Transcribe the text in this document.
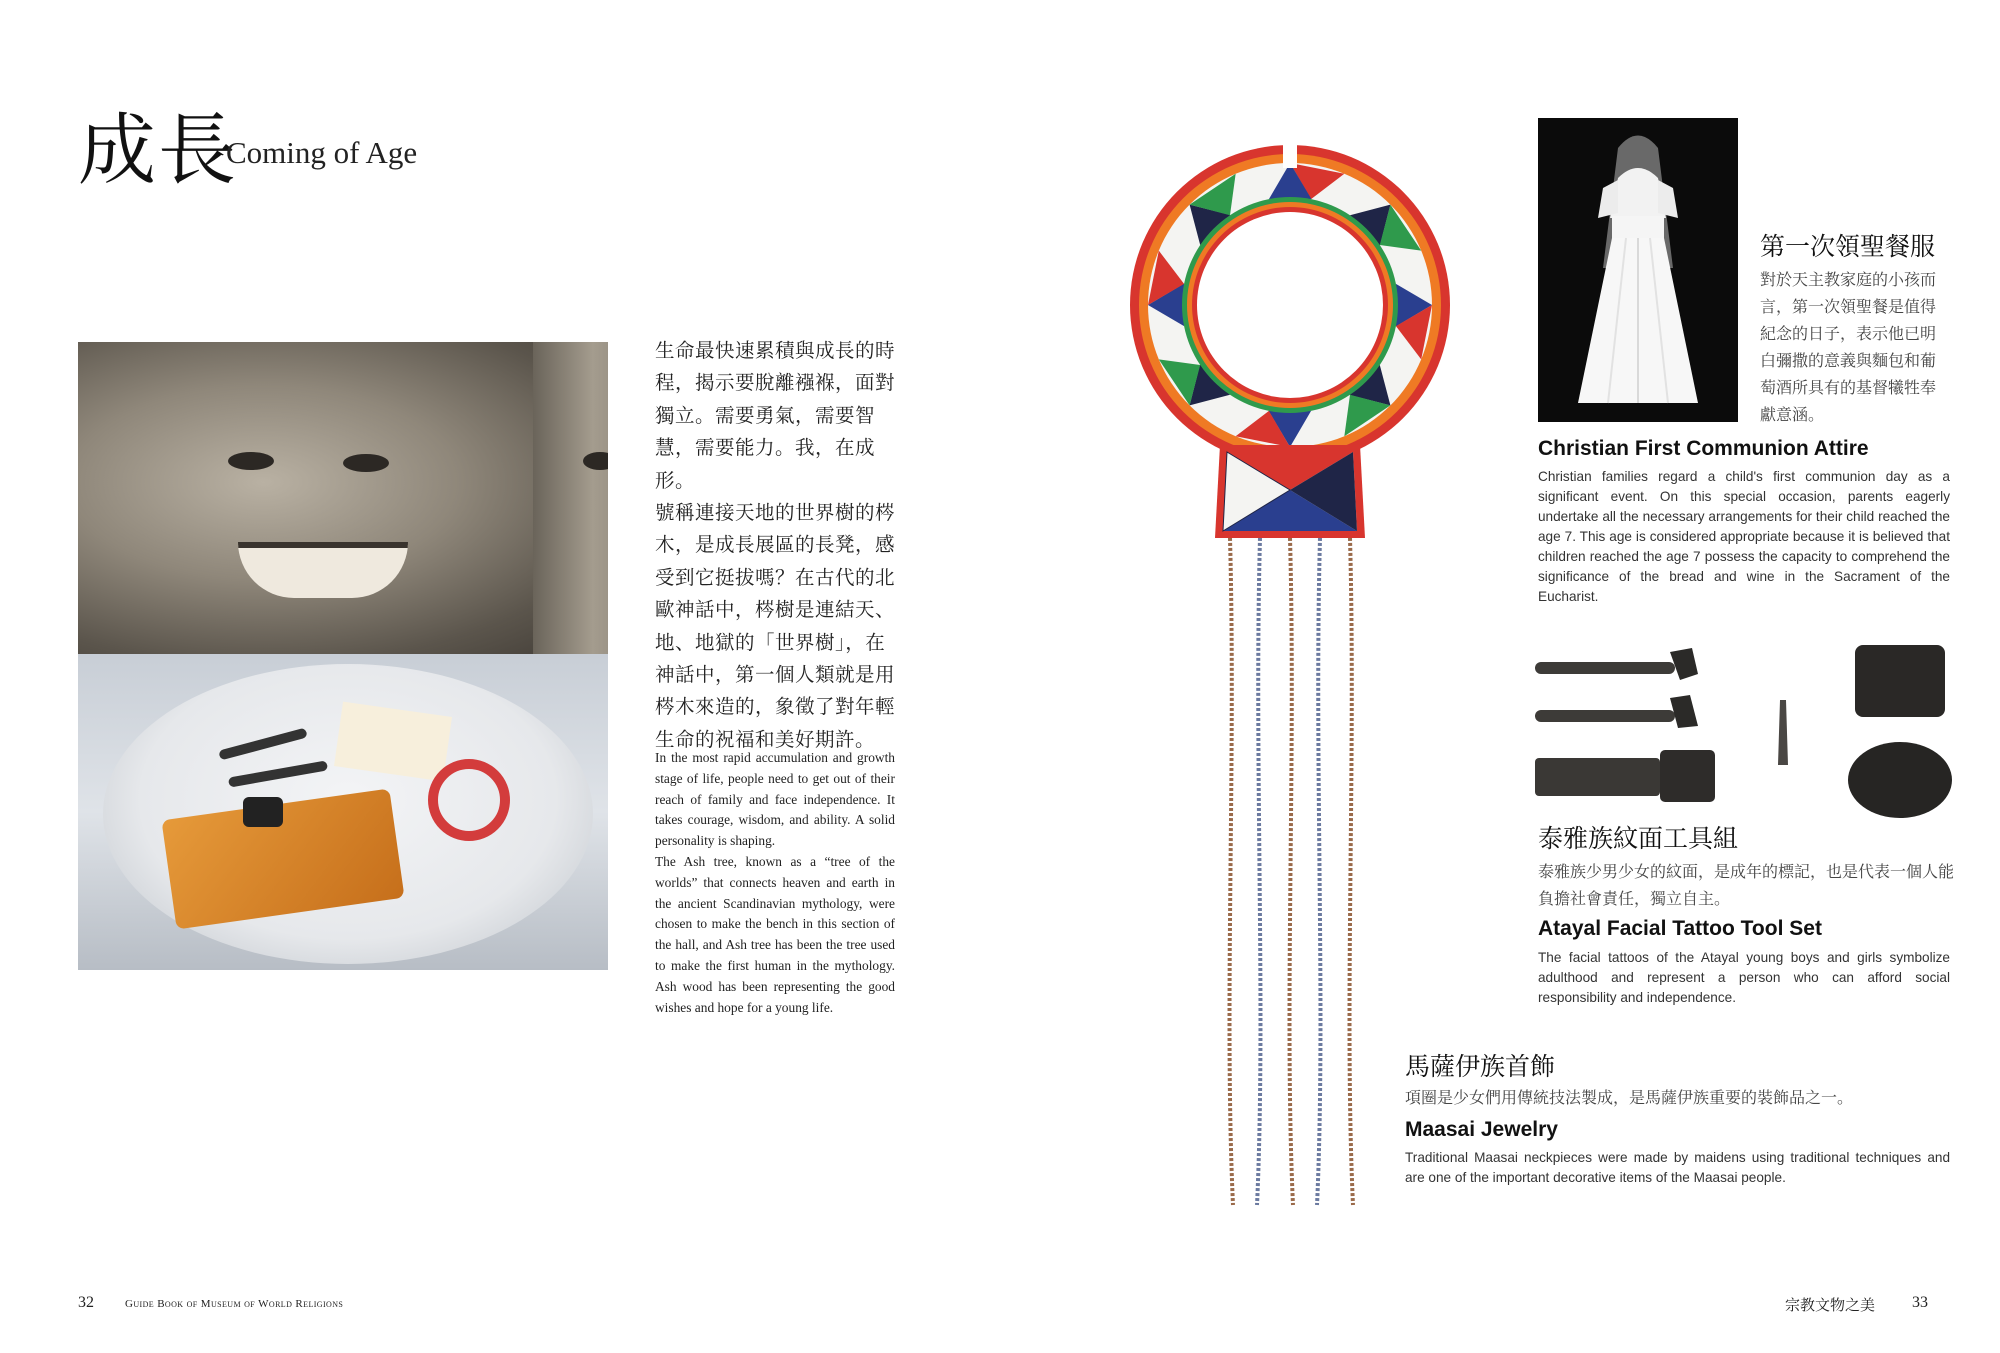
成長
Coming of Age

生命最快速累積與成長的時程，揭示要脫離襁褓，面對獨立。需要勇氣，需要智慧，需要能力。我，在成形。

號稱連接天地的世界樹的梣木，是成長展區的長凳，感受到它挺拔嗎？在古代的北歐神話中，梣樹是連結天、地、地獄的「世界樹」，在神話中，第一個人類就是用梣木來造的，象徵了對年輕生命的祝福和美好期許。

In the most rapid accumulation and growth stage of life, people need to get out of their reach of family and face independence. It takes courage, wisdom, and ability. A solid personality is shaping.

The Ash tree, known as a “tree of the worlds” that connects heaven and earth in the ancient Scandinavian mythology, were chosen to make the bench in this section of the hall, and Ash tree has been the tree used to make the first human in the mythology. Ash wood has been representing the good wishes and hope for a young life.

第一次領聖餐服
對於天主教家庭的小孩而言，第一次領聖餐是值得紀念的日子，表示他已明白彌撒的意義與麵包和葡萄酒所具有的基督犧牲奉獻意涵。
Christian First Communion Attire
Christian families regard a child's first communion day as a significant event. On this special occasion, parents eagerly undertake all the necessary arrangements for their child reached the age 7. This age is considered appropriate because it is believed that children reached the age 7 possess the capacity to comprehend the significance of the bread and wine in the Sacrament of the Eucharist.
泰雅族紋面工具組
泰雅族少男少女的紋面，是成年的標記，也是代表一個人能負擔社會責任，獨立自主。
Atayal Facial Tattoo Tool Set
The facial tattoos of the Atayal young boys and girls symbolize adulthood and represent a person who can afford social responsibility and independence.
馬薩伊族首飾
項圈是少女們用傳統技法製成，是馬薩伊族重要的裝飾品之一。
Maasai Jewelry
Traditional Maasai neckpieces were made by maidens using traditional techniques and are one of the important decorative items of the Maasai people.
32	Guide Book of Museum of World Religions	宗教文物之美 33
